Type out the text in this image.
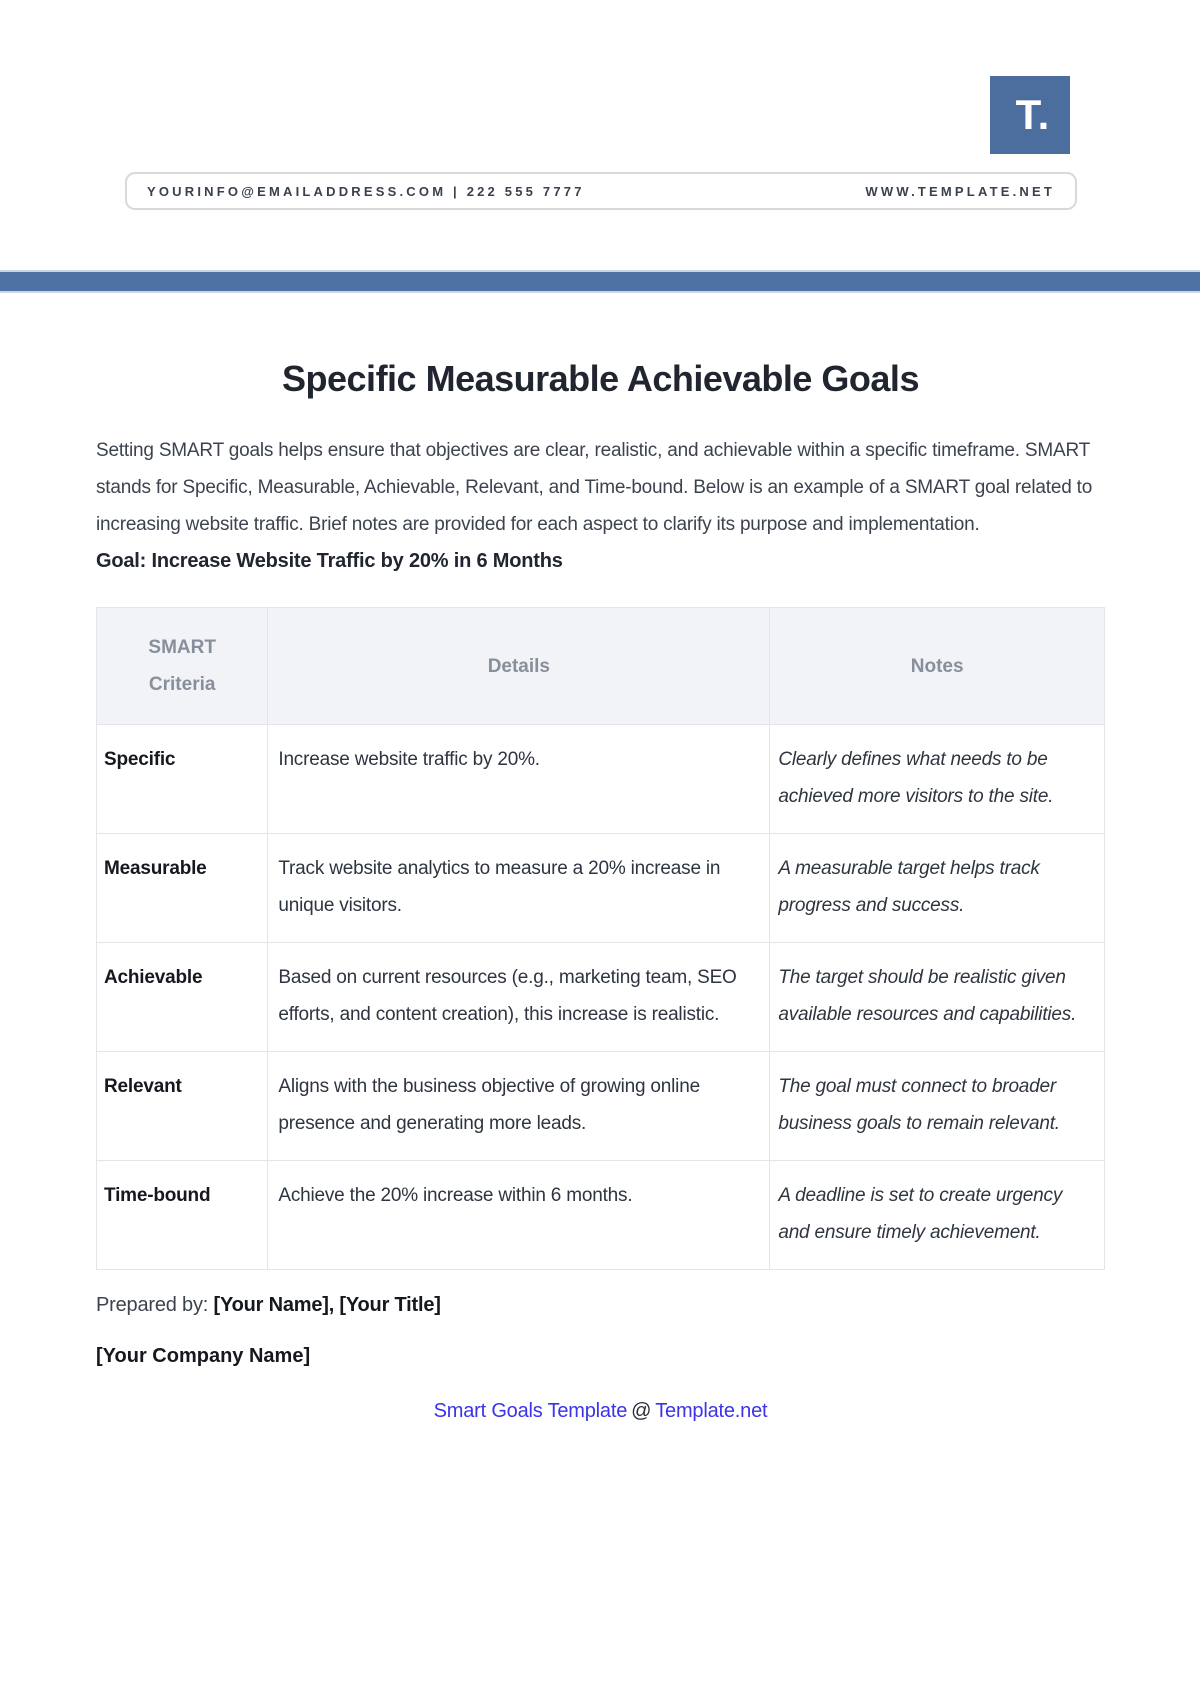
T.
YOURINFO@EMAILADDRESS.COM | 222 555 7777	WWW.TEMPLATE.NET
Specific Measurable Achievable Goals

Setting SMART goals helps ensure that objectives are clear, realistic, and achievable within a specific timeframe. SMART stands for Specific, Measurable, Achievable, Relevant, and Time-bound. Below is an example of a SMART goal related to increasing website traffic. Brief notes are provided for each aspect to clarify its purpose and implementation.

Goal: Increase Website Traffic by 20% in 6 Months

SMART Criteria	Details	Notes
Specific	Increase website traffic by 20%.	Clearly defines what needs to be achieved more visitors to the site.
Measurable	Track website analytics to measure a 20% increase in unique visitors.	A measurable target helps track progress and success.
Achievable	Based on current resources (e.g., marketing team, SEO efforts, and content creation), this increase is realistic.	The target should be realistic given available resources and capabilities.
Relevant	Aligns with the business objective of growing online presence and generating more leads.	The goal must connect to broader business goals to remain relevant.
Time-bound	Achieve the 20% increase within 6 months.	A deadline is set to create urgency and ensure timely achievement.

Prepared by: [Your Name], [Your Title]

[Your Company Name]

Smart Goals Template @ Template.net
